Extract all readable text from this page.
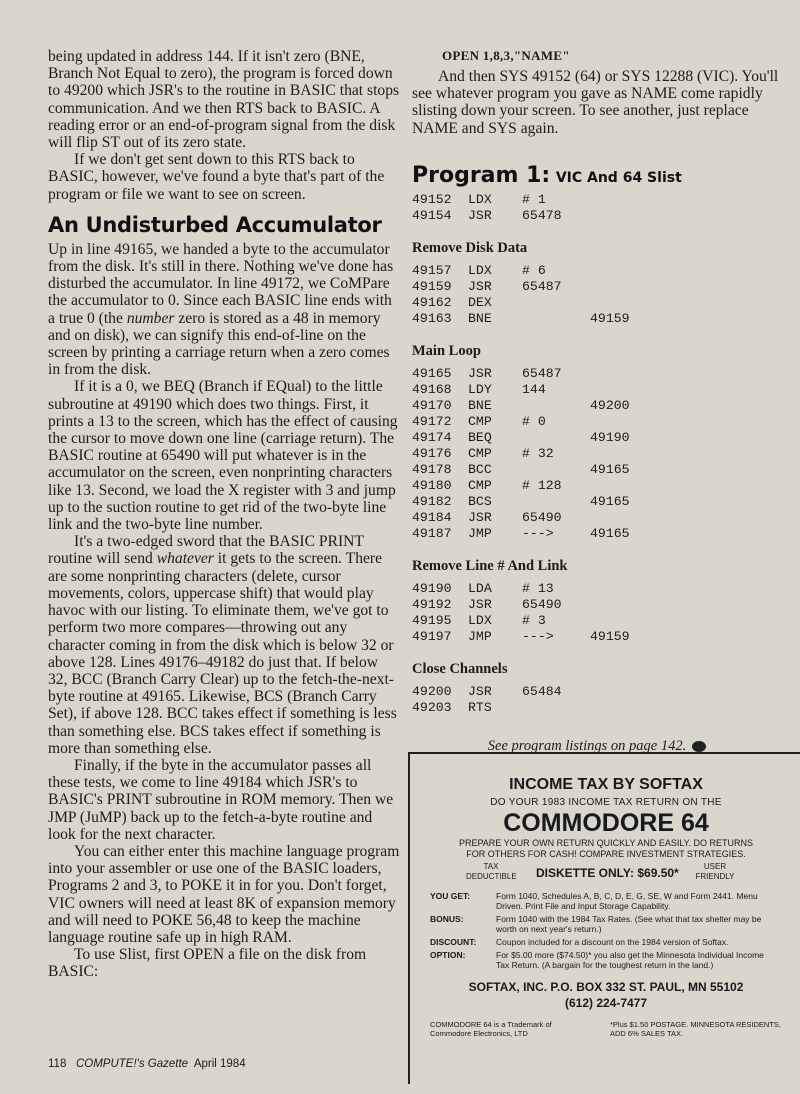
being updated in address 144. If it isn't zero (BNE, Branch Not Equal to zero), the program is forced down to 49200 which JSR's to the routine in BASIC that stops communication. And we then RTS back to BASIC. A reading error or an end-of-program signal from the disk will flip ST out of its zero state.

If we don't get sent down to this RTS back to BASIC, however, we've found a byte that's part of the program or file we want to see on screen.

An Undisturbed Accumulator

Up in line 49165, we handed a byte to the accumulator from the disk. It's still in there. Nothing we've done has disturbed the accumulator. In line 49172, we CoMPare the accumulator to 0. Since each BASIC line ends with a true 0 (the number zero is stored as a 48 in memory and on disk), we can signify this end-of-line on the screen by printing a carriage return when a zero comes in from the disk.

If it is a 0, we BEQ (Branch if EQual) to the little subroutine at 49190 which does two things. First, it prints a 13 to the screen, which has the effect of causing the cursor to move down one line (carriage return). The BASIC routine at 65490 will put whatever is in the accumulator on the screen, even nonprinting characters like 13. Second, we load the X register with 3 and jump up to the suction routine to get rid of the two-byte line link and the two-byte line number.

It's a two-edged sword that the BASIC PRINT routine will send whatever it gets to the screen. There are some nonprinting characters (delete, cursor movements, colors, uppercase shift) that would play havoc with our listing. To eliminate them, we've got to perform two more compares—throwing out any character coming in from the disk which is below 32 or above 128. Lines 49176–49182 do just that. If below 32, BCC (Branch Carry Clear) up to the fetch-the-next-byte routine at 49165. Likewise, BCS (Branch Carry Set), if above 128. BCC takes effect if something is less than something else. BCS takes effect if something is more than something else.

Finally, if the byte in the accumulator passes all these tests, we come to line 49184 which JSR's to BASIC's PRINT subroutine in ROM memory. Then we JMP (JuMP) back up to the fetch-a-byte routine and look for the next character.

You can either enter this machine language program into your assembler or use one of the BASIC loaders, Programs 2 and 3, to POKE it in for you. Don't forget, VIC owners will need at least 8K of expansion memory and will need to POKE 56,48 to keep the machine language routine safe up in high RAM.

To use Slist, first OPEN a file on the disk from BASIC:

OPEN 1,8,3,"NAME"

And then SYS 49152 (64) or SYS 12288 (VIC). You'll see whatever program you gave as NAME come rapidly slisting down your screen. To see another, just replace NAME and SYS again.

Program 1: VIC And 64 Slist
49152 LDX # 1
49154 JSR 65478
Remove Disk Data
49157 LDX # 6
49159 JSR 65487
49162 DEX
49163 BNE	49159
Main Loop
49165 JSR 65487
49168 LDY 144
49170 BNE	49200
49172 CMP # 0
49174 BEQ	49190
49176 CMP # 32
49178 BCC	49165
49180 CMP # 128
49182 BCS	49165
49184 JSR 65490
49187 JMP --->	49165
Remove Line # And Link
49190 LDA # 13
49192 JSR 65490
49195 LDX # 3
49197 JMP --->	49159
Close Channels
49200 JSR 65484
49203 RTS
See program listings on page 142.
INCOME TAX BY SOFTAX
DO YOUR 1983 INCOME TAX RETURN ON THE
COMMODORE 64
PREPARE YOUR OWN RETURN QUICKLY AND EASILY. DO RETURNS
FOR OTHERS FOR CASH! COMPARE INVESTMENT STRATEGIES.
TAX DEDUCTIBLE DISKETTE ONLY: $69.50*	USER FRIENDLY
YOU GET:	Form 1040, Schedules A, B, C, D, E, G, SE, W and Form 2441. Menu Driven. Print File and Input Storage Capability.
BONUS:	Form 1040 with the 1984 Tax Rates. (See what that tax shelter may be worth on next year's return.)
DISCOUNT:	Coupon included for a discount on the 1984 version of Softax.
OPTION:	For $5.00 more ($74.50)* you also get the Minnesota Individual Income Tax Return. (A bargain for the toughest return in the land.)
SOFTAX, INC. P.O. BOX 332 ST. PAUL, MN 55102
(612) 224-7477
COMMODORE 64 is a Trademark of Commodore Electronics, LTD
*Plus $1.50 POSTAGE. MINNESOTA RESIDENTS, ADD 6% SALES TAX.
118 COMPUTE!'s Gazette April 1984
